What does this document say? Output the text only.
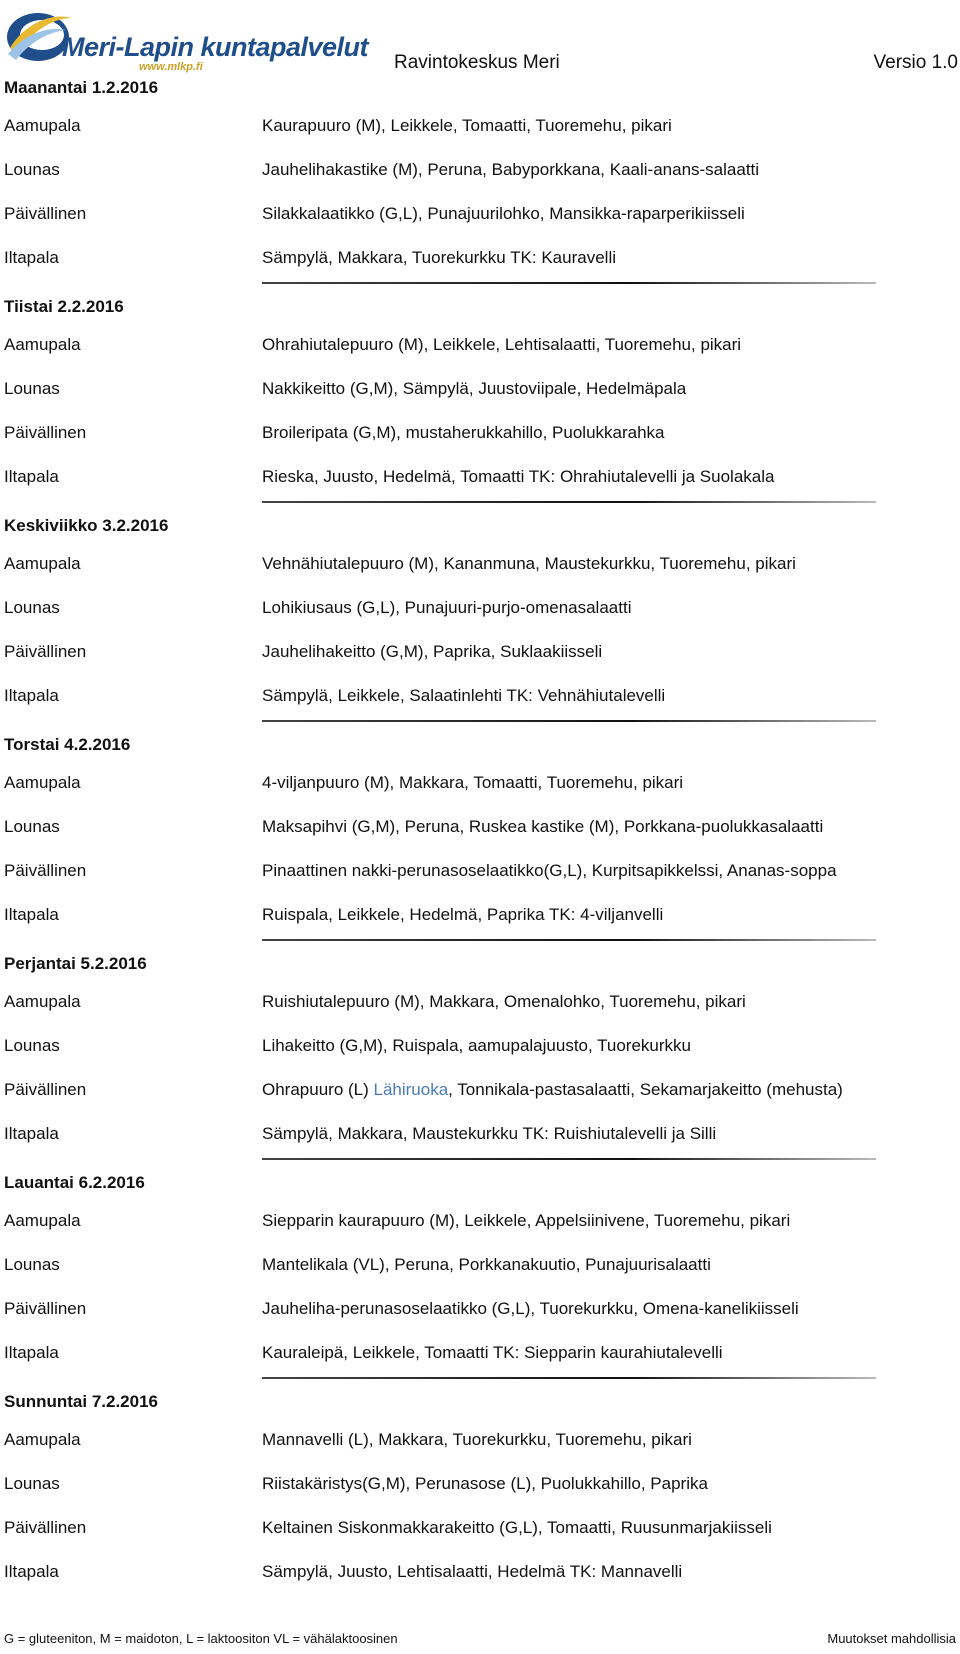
Meri-Lapin kuntapalvelut
www.mlkp.fi	Ravintokeskus Meri	Versio 1.0
Maanantai 1.2.2016
Aamupala	Kaurapuuro (M), Leikkele, Tomaatti, Tuoremehu, pikari
Lounas	Jauhelihakastike (M), Peruna, Babyporkkana, Kaali-anans-salaatti
Päivällinen	Silakkalaatikko (G,L), Punajuurilohko, Mansikka-raparperikiisseli
Iltapala	Sämpylä, Makkara, Tuorekurkku TK: Kauravelli
Tiistai 2.2.2016
Aamupala	Ohrahiutalepuuro (M), Leikkele, Lehtisalaatti, Tuoremehu, pikari
Lounas	Nakkikeitto (G,M), Sämpylä, Juustoviipale, Hedelmäpala
Päivällinen	Broileripata (G,M), mustaherukkahillo, Puolukkarahka
Iltapala	Rieska, Juusto, Hedelmä, Tomaatti TK: Ohrahiutalevelli ja Suolakala
Keskiviikko 3.2.2016
Aamupala	Vehnähiutalepuuro (M), Kananmuna, Maustekurkku, Tuoremehu, pikari
Lounas	Lohikiusaus (G,L), Punajuuri-purjo-omenasalaatti
Päivällinen	Jauhelihakeitto (G,M), Paprika, Suklaakiisseli
Iltapala	Sämpylä, Leikkele, Salaatinlehti TK: Vehnähiutalevelli
Torstai 4.2.2016
Aamupala	4-viljanpuuro (M), Makkara, Tomaatti, Tuoremehu, pikari
Lounas	Maksapihvi (G,M), Peruna, Ruskea kastike (M), Porkkana-puolukkasalaatti
Päivällinen	Pinaattinen nakki-perunasoselaatikko(G,L), Kurpitsapikkelssi, Ananas-soppa
Iltapala	Ruispala, Leikkele, Hedelmä, Paprika TK: 4-viljanvelli
Perjantai 5.2.2016
Aamupala	Ruishiutalepuuro (M), Makkara, Omenalohko, Tuoremehu, pikari
Lounas	Lihakeitto (G,M), Ruispala, aamupalajuusto, Tuorekurkku
Päivällinen	Ohrapuuro (L) Lähiruoka, Tonnikala-pastasalaatti, Sekamarjakeitto (mehusta)
Iltapala	Sämpylä, Makkara, Maustekurkku TK: Ruishiutalevelli ja Silli
Lauantai 6.2.2016
Aamupala	Siepparin kaurapuuro (M), Leikkele, Appelsiinivene, Tuoremehu, pikari
Lounas	Mantelikala (VL), Peruna, Porkkanakuutio, Punajuurisalaatti
Päivällinen	Jauheliha-perunasoselaatikko (G,L), Tuorekurkku, Omena-kanelikiisseli
Iltapala	Kauraleipä, Leikkele, Tomaatti TK: Siepparin kaurahiutalevelli
Sunnuntai 7.2.2016
Aamupala	Mannavelli (L), Makkara, Tuorekurkku, Tuoremehu, pikari
Lounas	Riistakäristys(G,M), Perunasose (L), Puolukkahillo, Paprika
Päivällinen	Keltainen Siskonmakkarakeitto (G,L), Tomaatti, Ruusunmarjakiisseli
Iltapala	Sämpylä, Juusto, Lehtisalaatti, Hedelmä TK: Mannavelli
G = gluteeniton, M = maidoton, L = laktoositon VL = vähälaktoosinen	Muutokset mahdollisia
